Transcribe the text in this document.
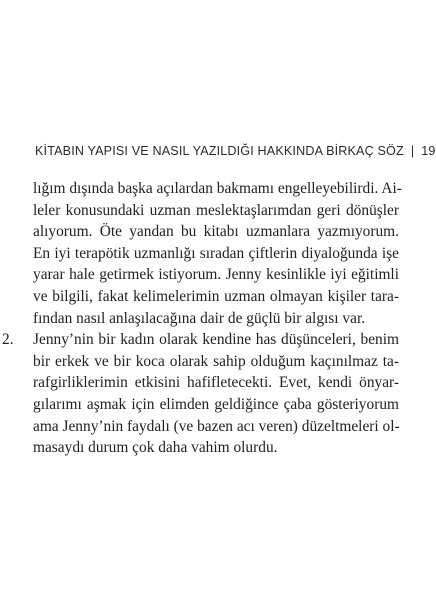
KİTABIN YAPISI VE NASIL YAZILDIĞI HAKKINDA BİRKAÇ SÖZ | 19
lığım dışında başka açılardan bakmamı engelleyebilirdi. Ai-
leler konusundaki uzman meslektaşlarımdan geri dönüşler
alıyorum. Öte yandan bu kitabı uzmanlara yazmıyorum.
En iyi terapötik uzmanlığı sıradan çiftlerin diyaloğunda işe
yarar hale getirmek istiyorum. Jenny kesinlikle iyi eğitimli
ve bilgili, fakat kelimelerimin uzman olmayan kişiler tara-
fından nasıl anlaşılacağına dair de güçlü bir algısı var.
2.	Jenny’nin bir kadın olarak kendine has düşünceleri, benim
bir erkek ve bir koca olarak sahip olduğum kaçınılmaz ta-
rafgirliklerimin etkisini hafifletecekti. Evet, kendi önyar-
gılarımı aşmak için elimden geldiğince çaba gösteriyorum
ama Jenny’nin faydalı (ve bazen acı veren) düzeltmeleri ol-
masaydı durum çok daha vahim olurdu.
